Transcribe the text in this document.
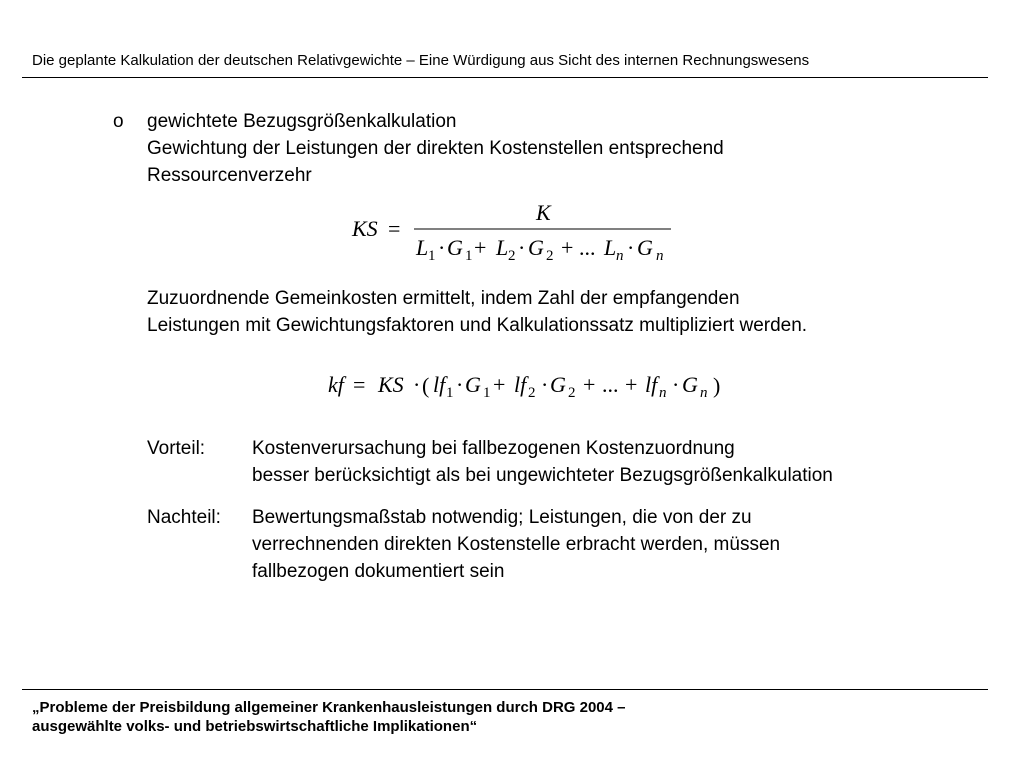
Die geplante Kalkulation der deutschen Relativgewichte – Eine Würdigung aus Sicht des internen Rechnungswesens
o gewichtete Bezugsgrößenkalkulation
Gewichtung der Leistungen der direkten Kostenstellen entsprechend
Ressourcenverzehr
KS =
K
L 1 · G 1 + L 2 · G 2 + ... L n · G n
Zuzuordnende Gemeinkosten ermittelt, indem Zahl der empfangenden
Leistungen mit Gewichtungsfaktoren und Kalkulationssatz multipliziert werden.
kf = KS · ( lf 1 · G 1 + lf 2 · G 2 + ... + lf n · G n )
Vorteil: Kostenverursachung bei fallbezogenen Kostenzuordnung
besser berücksichtigt als bei ungewichteter Bezugsgrößenkalkulation
Nachteil: Bewertungsmaßstab notwendig; Leistungen, die von der zu
verrechnenden direkten Kostenstelle erbracht werden, müssen
fallbezogen dokumentiert sein
„Probleme der Preisbildung allgemeiner Krankenhausleistungen durch DRG 2004 –
ausgewählte volks- und betriebswirtschaftliche Implikationen“
